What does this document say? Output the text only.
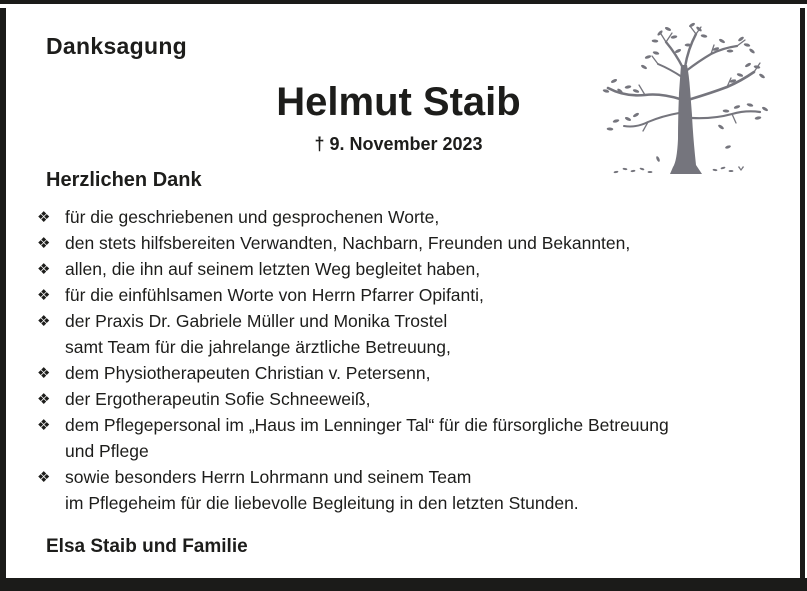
Danksagung
Helmut Staib
† 9. November 2023
Herzlichen Dank
❖ für die geschriebenen und gesprochenen Worte,
❖ den stets hilfsbereiten Verwandten, Nachbarn, Freunden und Bekannten,
❖ allen, die ihn auf seinem letzten Weg begleitet haben,
❖ für die einfühlsamen Worte von Herrn Pfarrer Opifanti,
❖ der Praxis Dr. Gabriele Müller und Monika Trostel
samt Team für die jahrelange ärztliche Betreuung,
❖ dem Physiotherapeuten Christian v. Petersenn,
❖ der Ergotherapeutin Sofie Schneeweiß,
❖ dem Pflegepersonal im „Haus im Lenninger Tal“ für die fürsorgliche Betreuung
und Pflege
❖ sowie besonders Herrn Lohrmann und seinem Team
im Pflegeheim für die liebevolle Begleitung in den letzten Stunden.
Elsa Staib und Familie
